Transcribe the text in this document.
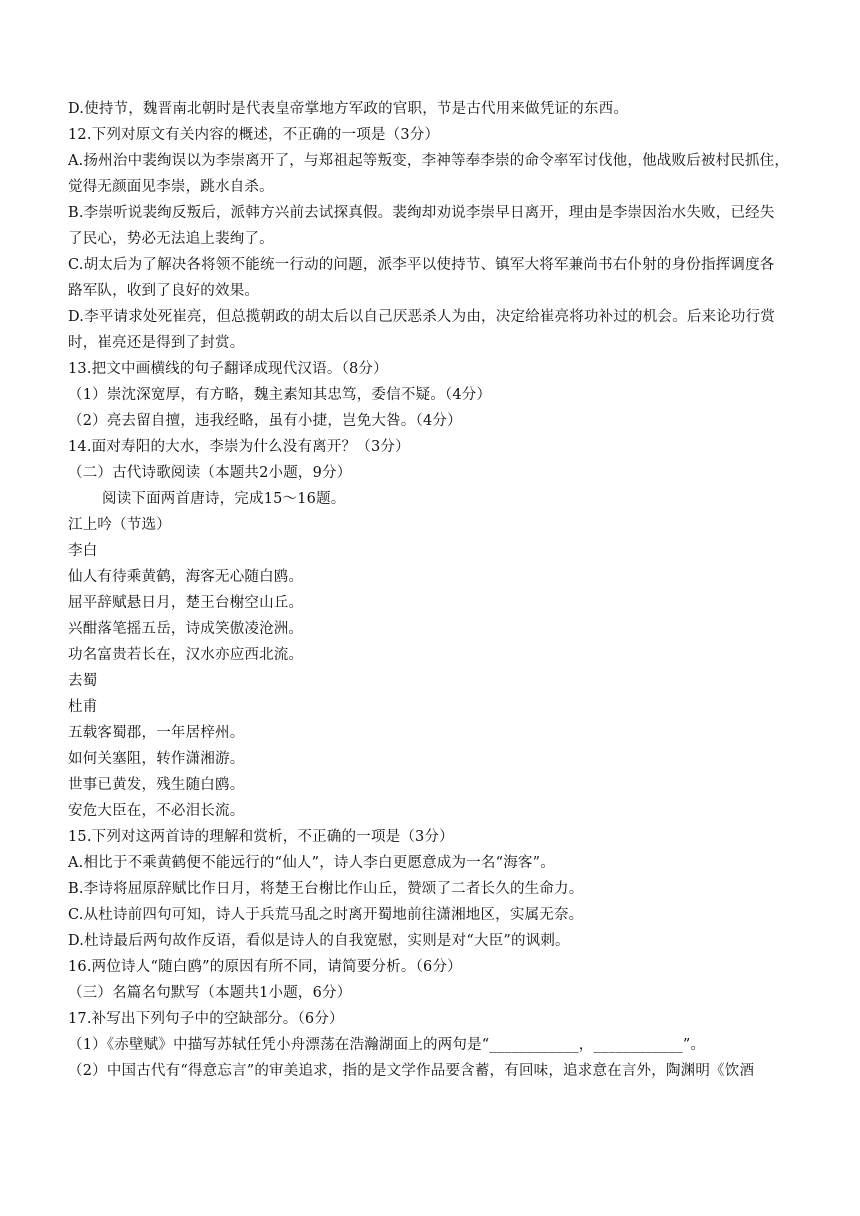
D.使持节，魏晋南北朝时是代表皇帝掌地方军政的官职，节是古代用来做凭证的东西。
12.下列对原文有关内容的概述，不正确的一项是（3分）
A.扬州治中裴绚误以为李崇离开了，与郑祖起等叛变，李神等奉李崇的命令率军讨伐他，他战败后被村民抓住，
觉得无颜面见李崇，跳水自杀。
B.李崇听说裴绚反叛后，派韩方兴前去试探真假。裴绚却劝说李崇早日离开，理由是李崇因治水失败，已经失
了民心，势必无法追上裴绚了。
C.胡太后为了解决各将领不能统一行动的问题，派李平以使持节、镇军大将军兼尚书右仆射的身份指挥调度各
路军队，收到了良好的效果。
D.李平请求处死崔亮，但总揽朝政的胡太后以自己厌恶杀人为由，决定给崔亮将功补过的机会。后来论功行赏
时，崔亮还是得到了封赏。
13.把文中画横线的句子翻译成现代汉语。（8分）
（1）崇沈深宽厚，有方略，魏主素知其忠笃，委信不疑。（4分）
（2）亮去留自擅，违我经略，虽有小捷，岂免大咎。（4分）
14.面对寿阳的大水，李崇为什么没有离开？（3分）
（二）古代诗歌阅读（本题共2小题，9分）
阅读下面两首唐诗，完成15～16题。
江上吟（节选）
李白
仙人有待乘黄鹤，海客无心随白鸥。
屈平辞赋悬日月，楚王台榭空山丘。
兴酣落笔摇五岳，诗成笑傲凌沧洲。
功名富贵若长在，汉水亦应西北流。
去蜀
杜甫
五载客蜀郡，一年居梓州。
如何关塞阻，转作潇湘游。
世事已黄发，残生随白鸥。
安危大臣在，不必泪长流。
15.下列对这两首诗的理解和赏析，不正确的一项是（3分）
A.相比于不乘黄鹤便不能远行的“仙人”，诗人李白更愿意成为一名“海客”。
B.李诗将屈原辞赋比作日月，将楚王台榭比作山丘，赞颂了二者长久的生命力。
C.从杜诗前四句可知，诗人于兵荒马乱之时离开蜀地前往潇湘地区，实属无奈。
D.杜诗最后两句故作反语，看似是诗人的自我宽慰，实则是对“大臣”的讽刺。
16.两位诗人“随白鸥”的原因有所不同，请简要分析。（6分）
（三）名篇名句默写（本题共1小题，6分）
17.补写出下列句子中的空缺部分。（6分）
（1）《赤壁赋》中描写苏轼任凭小舟漂荡在浩瀚湖面上的两句是“____________，____________”。
（2）中国古代有“得意忘言”的审美追求，指的是文学作品要含蓄，有回味，追求意在言外，陶渊明《饮酒
